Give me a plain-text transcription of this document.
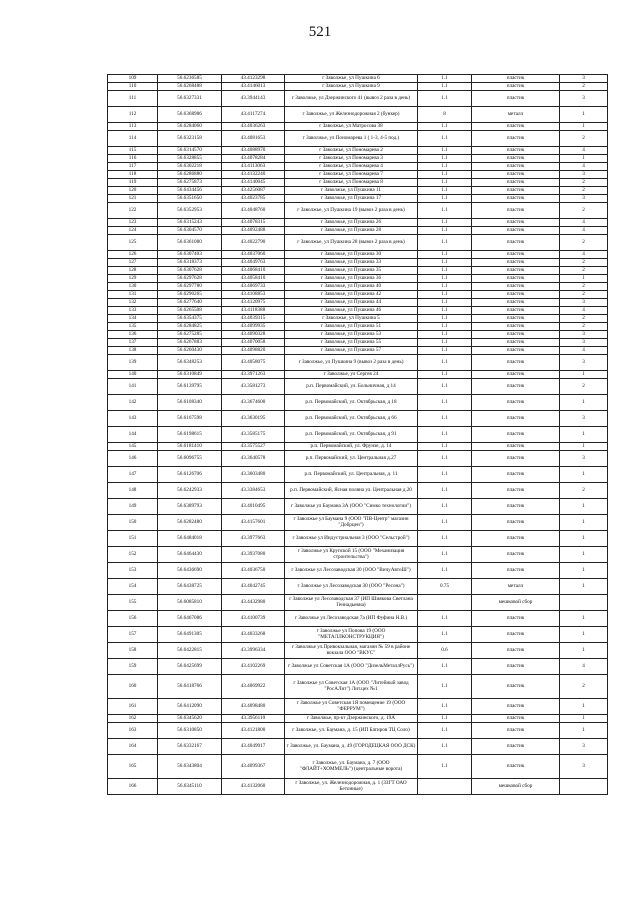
521
109	56.6236585	43.4123298	г Заволжье, ул Пушкина 6	1.1	пластик	3
110	56.6268488	43.4146013	г Заволжье, ул Пушкина 9	1.1	пластик	2
111	56.6327331	43.3944143	г Заволжье, ул Дзержинского 41 (вывоз 2 раза в день)	1.1	пластик	3
112	56.6368986	43.4117274	г Заволжье, ул Железнодорожная 2 (бункер)	8	металл	1
113	56.6284060	43.4036263	г Заволжье, ул Матросова 38	1.1	пластик	1
114	56.6323158	43.4081653	г Заволжье, ул Пономарева 1 ( 1-3, 4-5 под.)	1.1	пластик	2
115	56.6314570	43.4088970	г Заволжье, ул Пономарева 2	1.1	пластик	4
116	56.6328855	43.4078284	г Заволжье, ул Пономарева 3	1.1	пластик	1
117	56.6302218	43.4113063	г Заволжье, ул Пономарева 4	1.1	пластик	4
118	56.6286880	43.4132240	г Заволжье, ул Пономарева 7	1.1	пластик	3
119	56.6275873	43.4140045	г Заволжье, ул Пономарева 8	1.1	пластик	2
120	56.6434456	43.4256087	г Заволжье, ул Пушкина 11	1.1	пластик	2
121	56.6351650	43.4023785	г Заволжье, ул Пушкина 17	1.1	пластик	3
122	56.6352953	43.4048760	г Заволжье, ул Пушкина 19 (вывоз 2 раза в день)	1.1	пластик	2
123	56.6315243	43.4078315	г Заволжье, ул Пушкина 26	1.1	пластик	4
124	56.6304570	43.4092488	г Заволжье, ул Пушкина 28	1.1	пластик	4
125	56.6361080	43.4022790	г Заволжье, ул Пушкина 28 (вывоз 2 раза в день)	1.1	пластик	2
126	56.6307403	43.4037060	г Заволжье, ул Пушкина 30	1.1	пластик	4
127	56.6318373	43.4049763	г Заволжье, ул Пушкина 33	1.1	пластик	2
128	56.6307628	43.4068410	г Заволжье, ул Пушкина 35	1.1	пластик	2
129	56.6297628	43.4058410	г Заволжье, ул Пушкина 36	1.1	пластик	1
130	56.6297780	43.4069733	г Заволжье, ул Пушкина 40	1.1	пластик	2
131	56.6290265	43.4108853	г Заволжье, ул Пушкина 42	1.1	пластик	2
132	56.6277640	43.4120975	г Заволжье, ул Пушкина 44	1.1	пластик	3
133	56.6265508	43.4118388	г Заволжье, ул Пушкина 46	1.1	пластик	4
134	56.6354375	43.4039315	г Заволжье, ул Пушкина 5	1.1	пластик	2
135	56.6284825	43.4099935	г Заволжье, ул Пушкина 51	1.1	пластик	2
136	56.6275285	43.4090328	г Заволжье, ул Пушкина 53	1.1	пластик	3
137	56.6267883	43.4070058	г Заволжье, ул Пушкина 55	1.1	пластик	3
138	56.6260430	43.4098820	г Заволжье, ул Пушкина 57	1.1	пластик	4
139	56.6348253	43.4058075	г Заволжье, ул Пушкина 9 (вывоз 2 раза в день)	1.1	пластик	3
140	56.6310849	43.3971263	г Заволжье, ул Сергея 24	1.1	пластик	1
141	56.6139795	43.3581273	р.п. Первомайский, ул. Больничная, д 14	1.1	пластик	2
142	56.6108340	43.3674600	р.п. Первомайский, ул. Октябрьская, д 18	1.1	пластик	1
143	56.6167598	43.3630195	р.п. Первомайский, ул. Октябрьская, д 66	1.1	пластик	3
144	56.6198615	43.3585175	р.п. Первомайский, ул. Октябрьская, д 91	1.1	пластик	1
145	56.6181410	43.3575527	р.п. Первомайский, ул. Фрунзе, д. 14	1.1	пластик	1
146	56.6096755	43.3640578	р.п. Первомайский, ул. Центральная д.27	1.1	пластик	3
147	56.6126706	43.3603480	р.п. Первомайский, ул. Центральная, д. 11	1.1	пластик	1
148	56.6242933	43.3384653	р.п. Первомайский, Ясная поляна ул. Центральная д.20	1.1	пластик	2
149	56.6389793	43.4010495	г Заволжье ул Баумана 3А (ООО "Симко технологии")	1.1	пластик	1
150	56.6282480	43.4157601	г Заволжье ул Баумана 9 (ООО "ПВ-Центр" магазин "Добрцен")	1.1	пластик	1
151	56.6484018	43.3977663	г Заволжье ул Индустриальная 3 (ООО "Сельстрой")	1.1	пластик	1
152	56.6464430	43.3937080	г Заволжье ул Крупской 15 (ООО "Механизация строительства")	1.1	пластик	1
153	56.6436690	43.4036750	г Заволжье ул Лесозаводская 30 (ООО "ВичуАвтоШ")	1.1	пластик	1
154	56.6438725	43.4042745	г Заволжье ул Лесозаводская 30 (ООО "Ресона")	0.75	металл	1
155	56.6085810	43.4432980	г Заволжье ул Лесозаводская 37 (ИП Шиякова Светлана Геннадьевна)		мешковой сбор	
156	56.6467086	43.4100739	г Заволжье ул Лесозаводская 7а (ИП Фуфина Н.В.)	1.1	пластик	1
157	56.6491305	43.4033268	г Заволжье ул Попова 19 (ООО "МЕТАЛЛКОНСТРУКЦИЯ")	1.1	пластик	1
158	56.6422815	43.3996334	г Заволжье ул.Привокзальная, магазин № 59 в районе вокзала ООО "ВКУС"	0.6	пластик	1
159	56.6425699	43.4102269	г Заволжье ул Советская 1А (ООО "ДизельМеталлРусь")	1.1	пластик	4
160	56.6418766	43.4069922	г Заволжье ул Советская 1А (ООО "Литейный завод "РосАЛит") Лит.цех №1	1.1	пластик	2
161	56.6412090	43.4098480	г Заволжье ул Советская 1Я помещение 19 (ООО "ФЕРРУМ")	1.1	пластик	1
162	56.6345620	43.3956110	г Заволжье, пр-кт Дзержинского, д. 19А	1.1	пластик	1
163	56.6310850	43.4121800	г Заволжье, ул. Баумана, д. 15 (ИП Батиров ТЦ Соло)	1.1	пластик	1
164	56.6332167	43.4049917	г Заволжье, ул. Баумана, д. 49 (ГОРОДЕЦКАЯ ООО ДСК)	1.1	пластик	3
165	56.6343804	43.4099367	г Заволжье, ул. Баумана, д. 7 (ООО "ФЛАЙТ+ХОММЕЛЬ") (центральные ворота)	1.1	пластик	3
166	56.6345110	43.4132060	г Заволжье, ул. Железнодорожная, д. 1 (ЗЗГТ ОАО Бетонные)		мешковой сбор	
